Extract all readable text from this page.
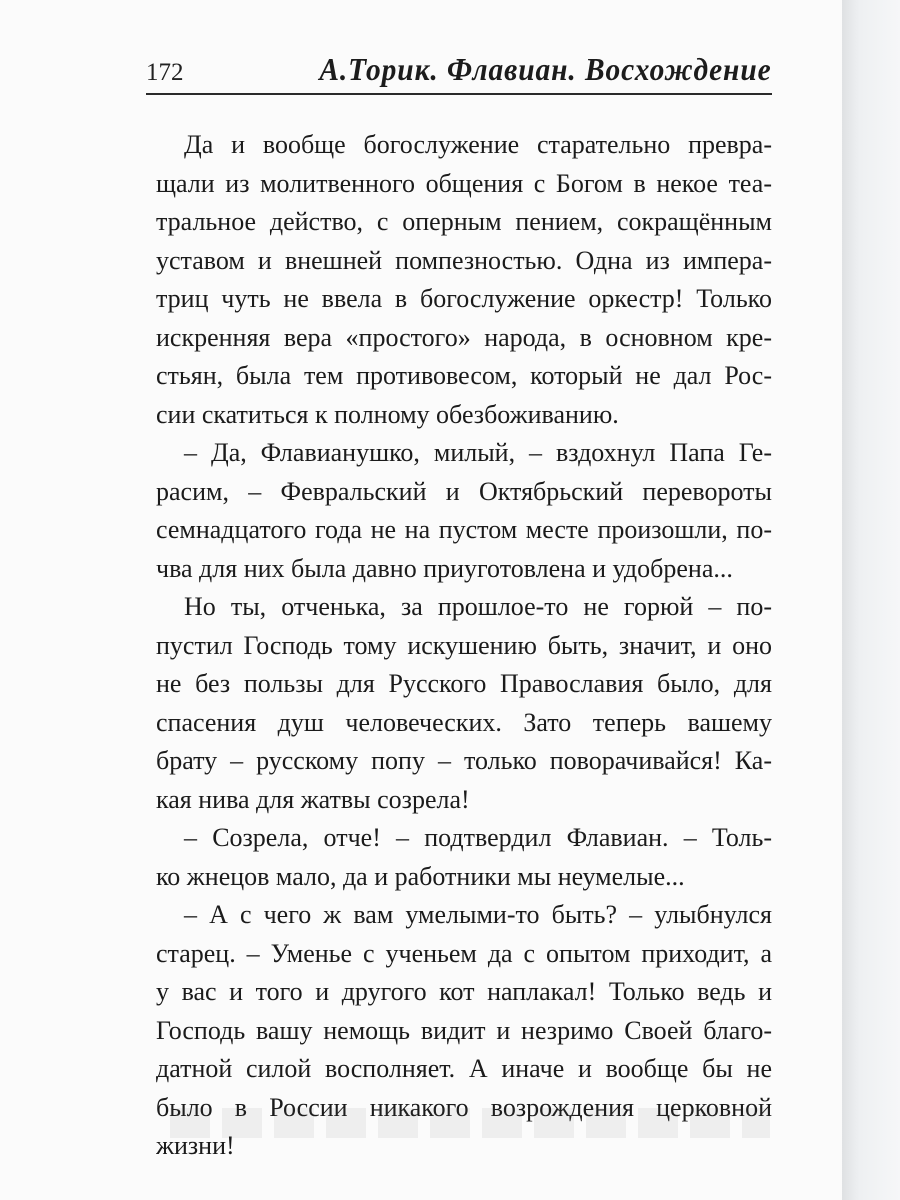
172	А.Торик. Флавиан. Восхождение
Да и вообще богослужение старательно превра-
щали из молитвенного общения с Богом в некое теа-
тральное действо, с оперным пением, сокращённым
уставом и внешней помпезностью. Одна из импера-
триц чуть не ввела в богослужение оркестр! Только
искренняя вера «простого» народа, в основном кре-
стьян, была тем противовесом, который не дал Рос-
сии скатиться к полному обезбоживанию.
– Да, Флавианушко, милый, – вздохнул Папа Ге-
расим, – Февральский и Октябрьский перевороты
семнадцатого года не на пустом месте произошли, по-
чва для них была давно приуготовлена и удобрена...
Но ты, отченька, за прошлое-то не горюй – по-
пустил Господь тому искушению быть, значит, и оно
не без пользы для Русского Православия было, для
спасения душ человеческих. Зато теперь вашему
брату – русскому попу – только поворачивайся! Ка-
кая нива для жатвы созрела!
– Созрела, отче! – подтвердил Флавиан. – Толь-
ко жнецов мало, да и работники мы неумелые...
– А с чего ж вам умелыми-то быть? – улыбнулся
старец. – Уменье с ученьем да с опытом приходит, а
у вас и того и другого кот наплакал! Только ведь и
Господь вашу немощь видит и незримо Своей благо-
датной силой восполняет. А иначе и вообще бы не
было в России никакого возрождения церковной
жизни!
